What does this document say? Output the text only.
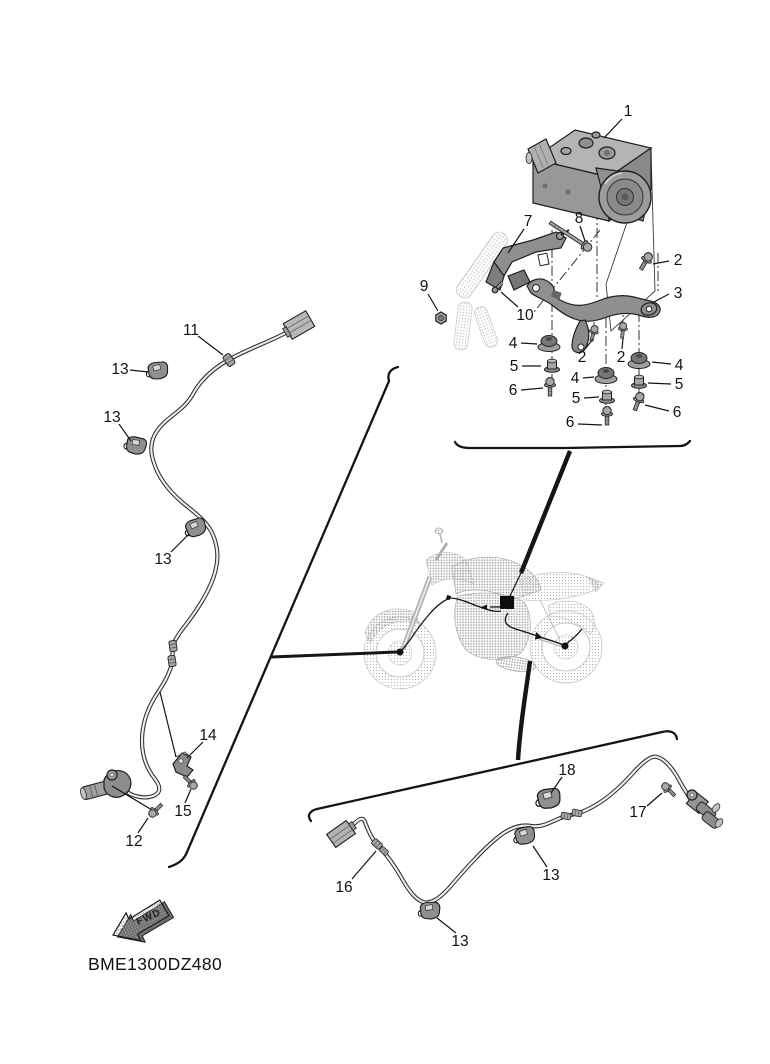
1
7	8
2
3
9
10
2 2
4
5
6
4
5
6
4
5
6
11
13
13
13
14
15
12
16
13
13
18
17
FWD
BME1300DZ480
